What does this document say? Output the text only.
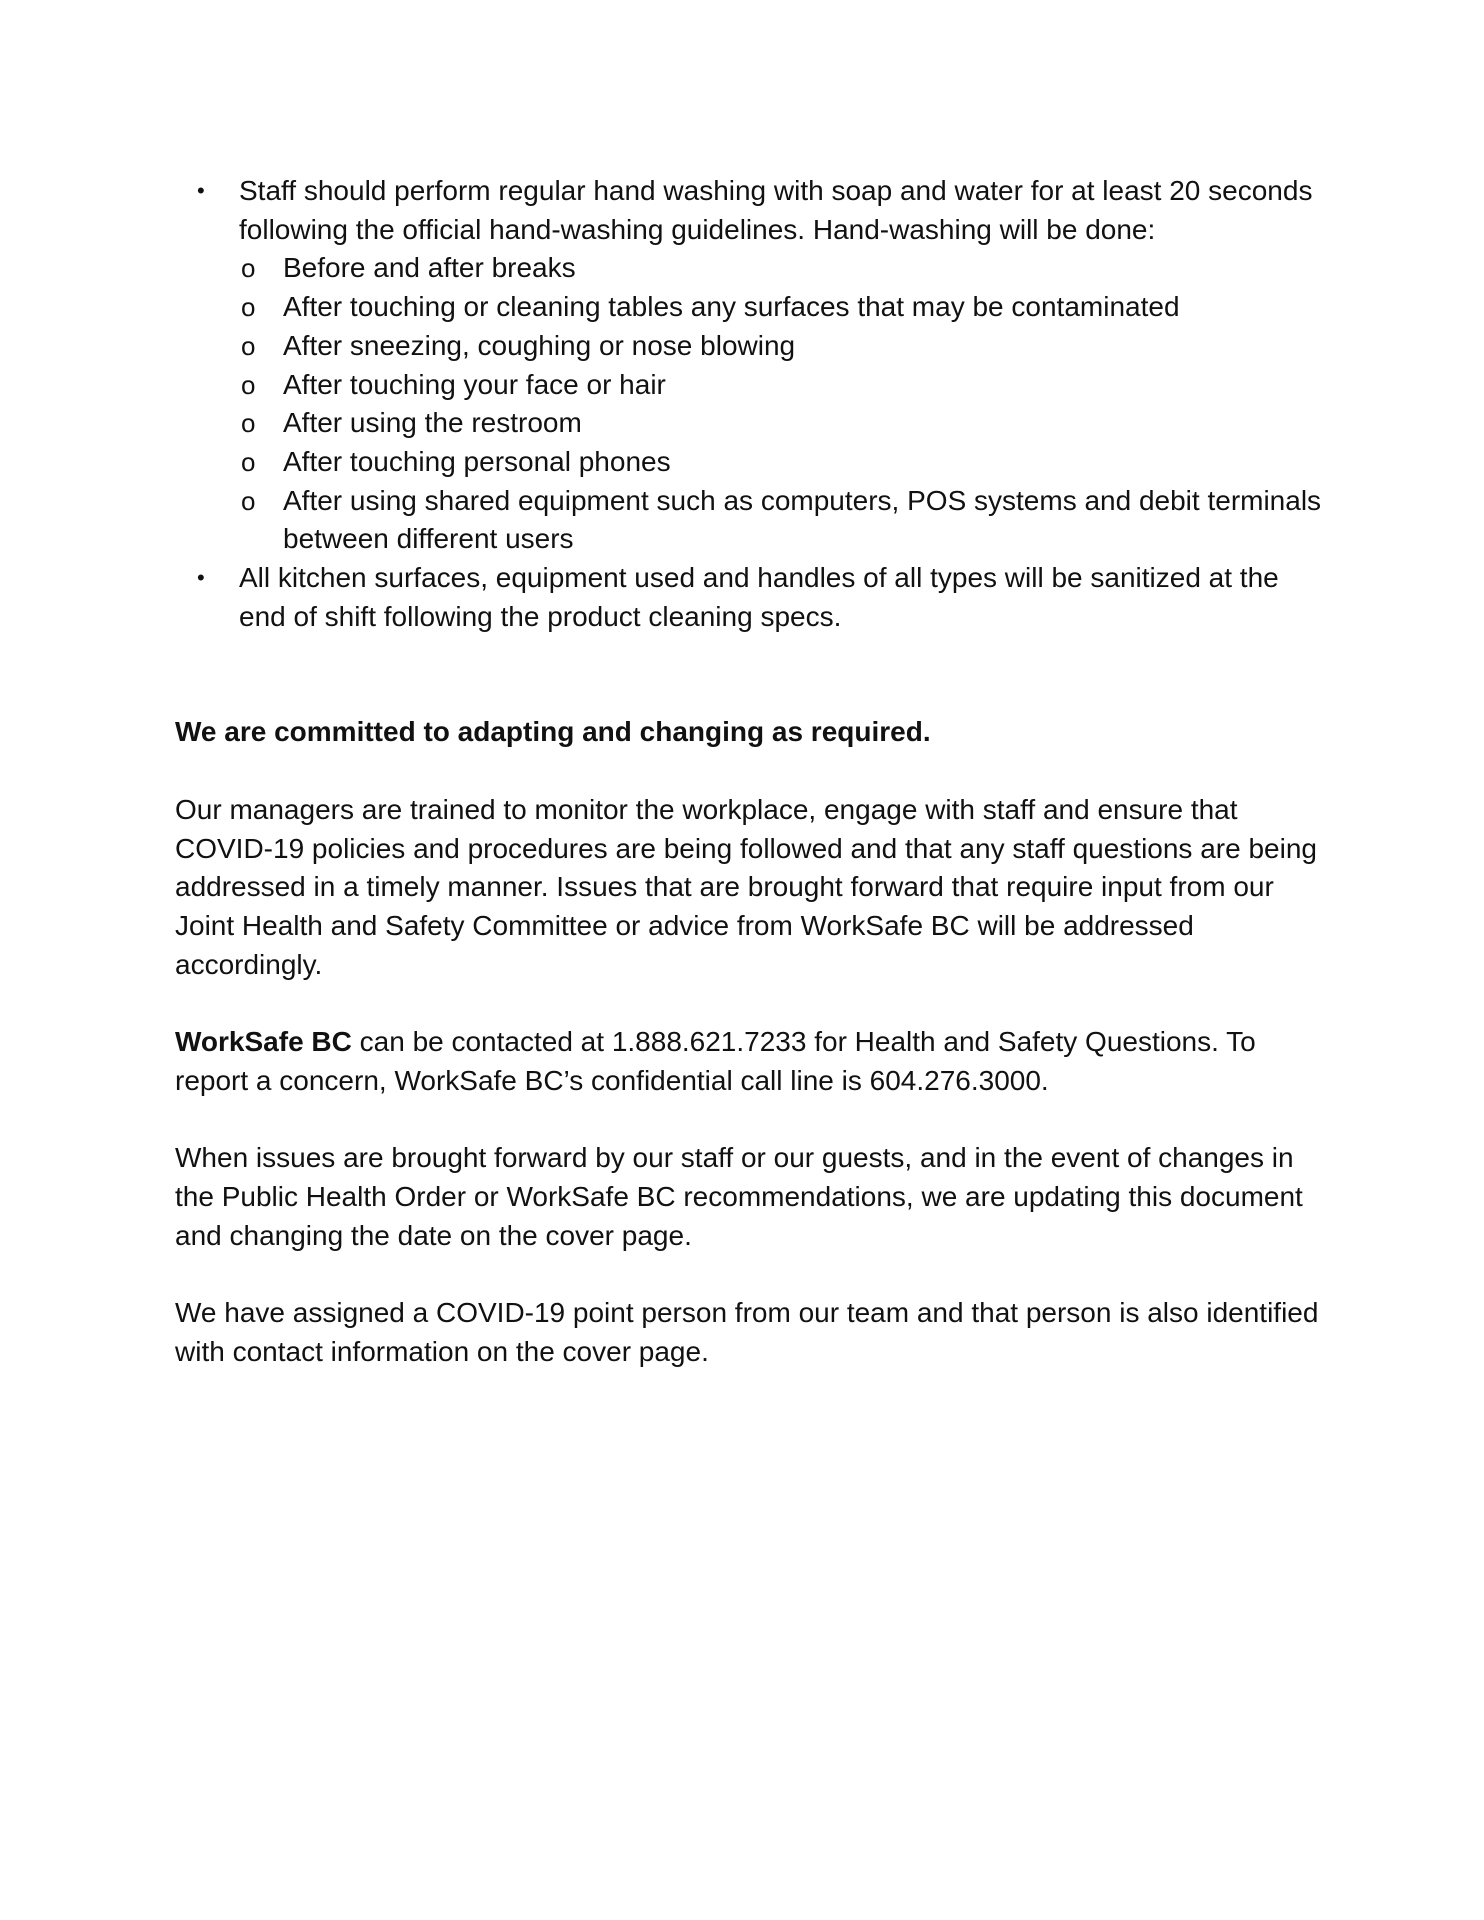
• Staff should perform regular hand washing with soap and water for at least 20 seconds following the official hand-washing guidelines. Hand-washing will be done:
o Before and after breaks
o After touching or cleaning tables any surfaces that may be contaminated
o After sneezing, coughing or nose blowing
o After touching your face or hair
o After using the restroom
o After touching personal phones
o After using shared equipment such as computers, POS systems and debit terminals between different users
• All kitchen surfaces, equipment used and handles of all types will be sanitized at the end of shift following the product cleaning specs.

We are committed to adapting and changing as required.

Our managers are trained to monitor the workplace, engage with staff and ensure that COVID-19 policies and procedures are being followed and that any staff questions are being addressed in a timely manner. Issues that are brought forward that require input from our Joint Health and Safety Committee or advice from WorkSafe BC will be addressed accordingly.

WorkSafe BC can be contacted at 1.888.621.7233 for Health and Safety Questions. To report a concern, WorkSafe BC’s confidential call line is 604.276.3000.

When issues are brought forward by our staff or our guests, and in the event of changes in the Public Health Order or WorkSafe BC recommendations, we are updating this document and changing the date on the cover page.

We have assigned a COVID-19 point person from our team and that person is also identified with contact information on the cover page.
